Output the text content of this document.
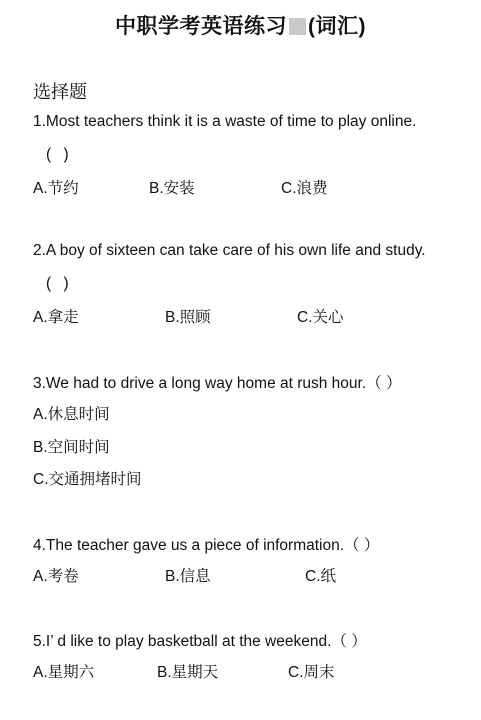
中职学考英语练习 (词汇)
选择题
1.Most teachers think it is a waste of time to play online.
( )
A.节约	B.安装	C.浪费
2.A boy of sixteen can take care of his own life and study.
( )
A.拿走	B.照顾	C.关心
3.We had to drive a long way home at rush hour.（ ）
A.休息时间
B.空间时间
C.交通拥堵时间
4.The teacher gave us a piece of information.（ ）
A.考卷	B.信息	C.纸
5.I’ d like to play basketball at the weekend.（ ）
A.星期六	B.星期天	C.周末
